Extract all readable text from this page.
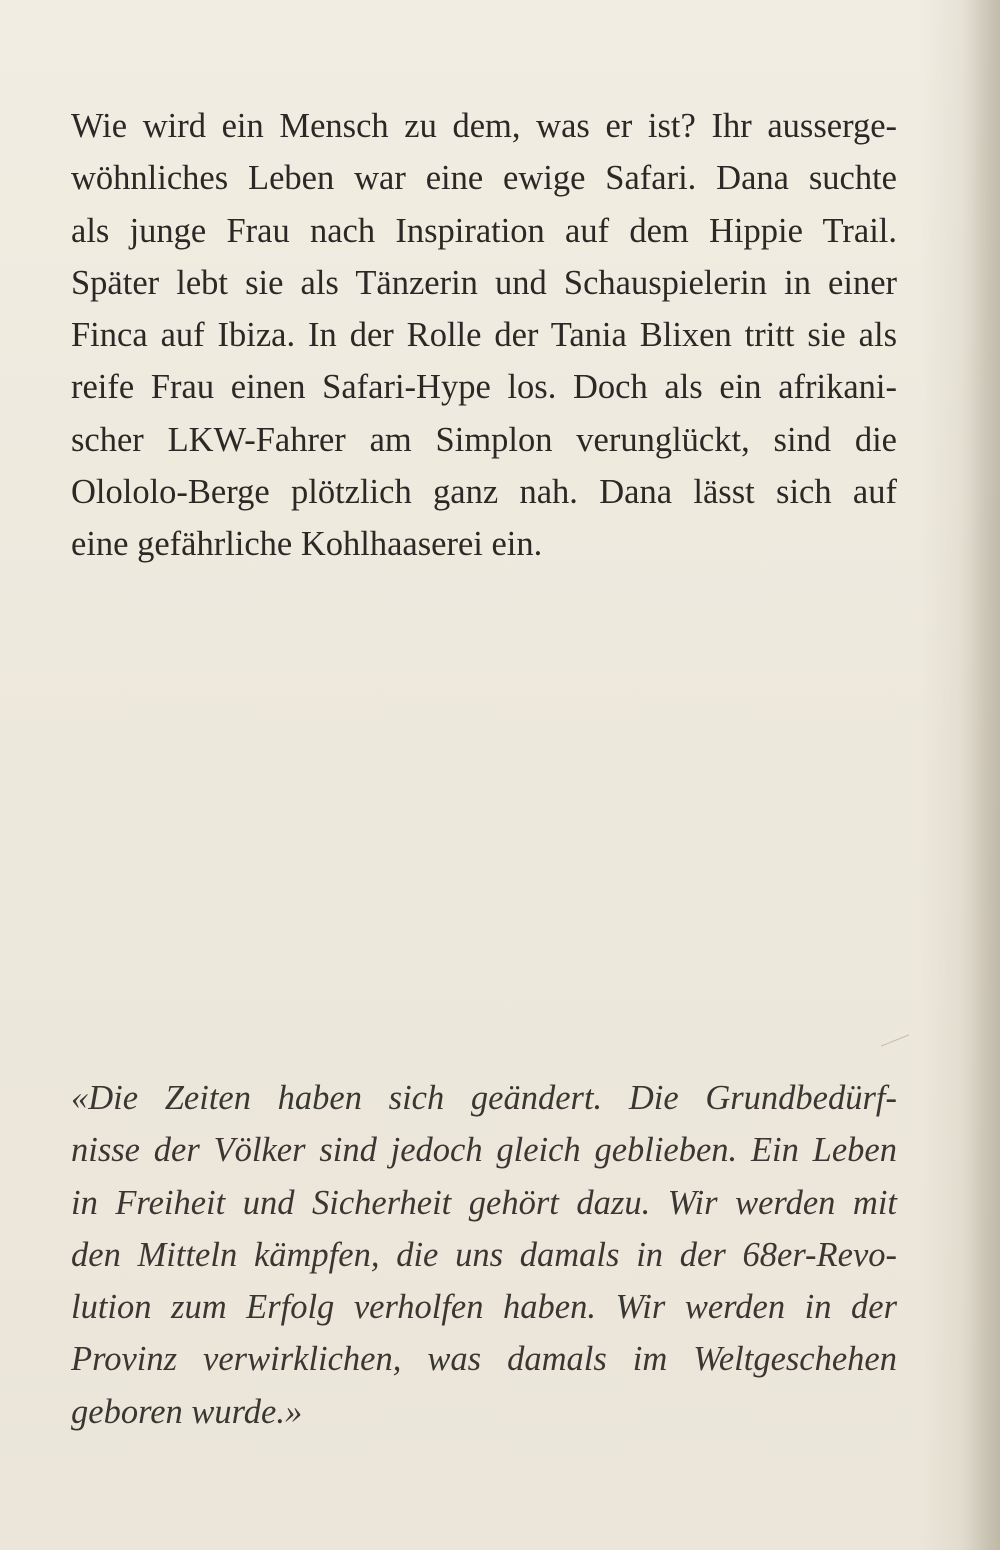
Wie wird ein Mensch zu dem, was er ist? Ihr ausserge-
wöhnliches Leben war eine ewige Safari. Dana suchte
als junge Frau nach Inspiration auf dem Hippie Trail.
Später lebt sie als Tänzerin und Schauspielerin in einer
Finca auf Ibiza. In der Rolle der Tania Blixen tritt sie als
reife Frau einen Safari-Hype los. Doch als ein afrikani-
scher LKW-Fahrer am Simplon verunglückt, sind die
Olololo-Berge plötzlich ganz nah. Dana lässt sich auf
eine gefährliche Kohlhaaserei ein.

«Die Zeiten haben sich geändert. Die Grundbedürf-
nisse der Völker sind jedoch gleich geblieben. Ein Leben
in Freiheit und Sicherheit gehört dazu. Wir werden mit
den Mitteln kämpfen, die uns damals in der 68er-Revo-
lution zum Erfolg verholfen haben. Wir werden in der
Provinz verwirklichen, was damals im Weltgeschehen
geboren wurde.»
